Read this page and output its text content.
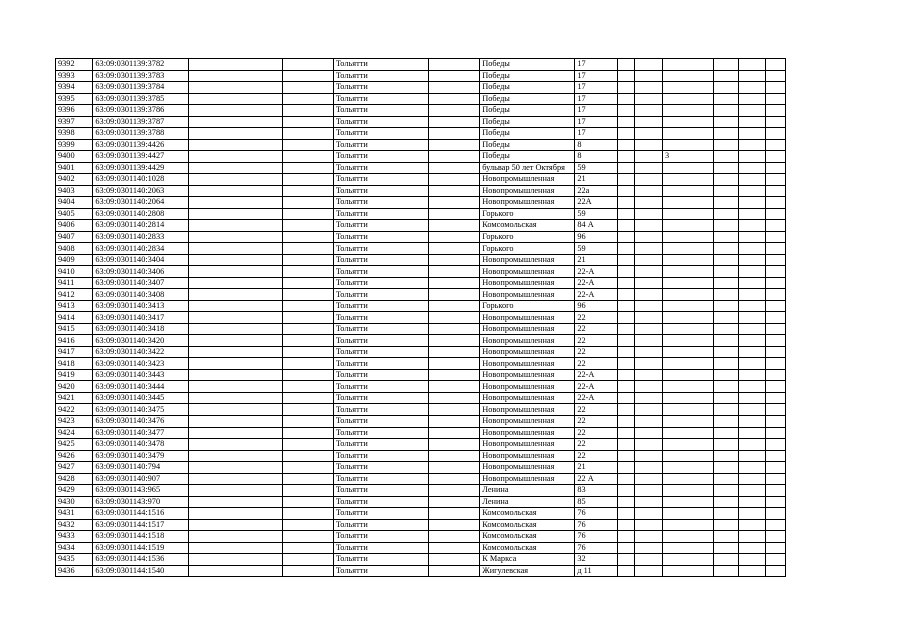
9392	63:09:0301139:3782			Тольятти		Победы	17						
9393	63:09:0301139:3783			Тольятти		Победы	17						
9394	63:09:0301139:3784			Тольятти		Победы	17						
9395	63:09:0301139:3785			Тольятти		Победы	17						
9396	63:09:0301139:3786			Тольятти		Победы	17						
9397	63:09:0301139:3787			Тольятти		Победы	17						
9398	63:09:0301139:3788			Тольятти		Победы	17						
9399	63:09:0301139:4426			Тольятти		Победы	8						
9400	63:09:0301139:4427			Тольятти		Победы	8			3			
9401	63:09:0301139:4429			Тольятти		бульвар 50 лет Октября	59						
9402	63:09:0301140:1028			Тольятти		Новопромышленная	21						
9403	63:09:0301140:2063			Тольятти		Новопромышленная	22а						
9404	63:09:0301140:2064			Тольятти		Новопромышленная	22А						
9405	63:09:0301140:2808			Тольятти		Горького	59						
9406	63:09:0301140:2814			Тольятти		Комсомольская	84 А						
9407	63:09:0301140:2833			Тольятти		Горького	96						
9408	63:09:0301140:2834			Тольятти		Горького	59						
9409	63:09:0301140:3404			Тольятти		Новопромышленная	21						
9410	63:09:0301140:3406			Тольятти		Новопромышленная	22-А						
9411	63:09:0301140:3407			Тольятти		Новопромышленная	22-А						
9412	63:09:0301140:3408			Тольятти		Новопромышленная	22-А						
9413	63:09:0301140:3413			Тольятти		Горького	96						
9414	63:09:0301140:3417			Тольятти		Новопромышленная	22						
9415	63:09:0301140:3418			Тольятти		Новопромышленная	22						
9416	63:09:0301140:3420			Тольятти		Новопромышленная	22						
9417	63:09:0301140:3422			Тольятти		Новопромышленная	22						
9418	63:09:0301140:3423			Тольятти		Новопромышленная	22						
9419	63:09:0301140:3443			Тольятти		Новопромышленная	22-А						
9420	63:09:0301140:3444			Тольятти		Новопромышленная	22-А						
9421	63:09:0301140:3445			Тольятти		Новопромышленная	22-А						
9422	63:09:0301140:3475			Тольятти		Новопромышленная	22						
9423	63:09:0301140:3476			Тольятти		Новопромышленная	22						
9424	63:09:0301140:3477			Тольятти		Новопромышленная	22						
9425	63:09:0301140:3478			Тольятти		Новопромышленная	22						
9426	63:09:0301140:3479			Тольятти		Новопромышленная	22						
9427	63:09:0301140:794			Тольятти		Новопромышленная	21						
9428	63:09:0301140:907			Тольятти		Новопромышленная	22 А						
9429	63:09:0301143:965			Тольятти		Ленина	83						
9430	63:09:0301143:970			Тольятти		Ленина	85						
9431	63:09:0301144:1516			Тольятти		Комсомольская	76						
9432	63:09:0301144:1517			Тольятти		Комсомольская	76						
9433	63:09:0301144:1518			Тольятти		Комсомольская	76						
9434	63:09:0301144:1519			Тольятти		Комсомольская	76						
9435	63:09:0301144:1536			Тольятти		К Маркса	32						
9436	63:09:0301144:1540			Тольятти		Жигулевская	д 11						
